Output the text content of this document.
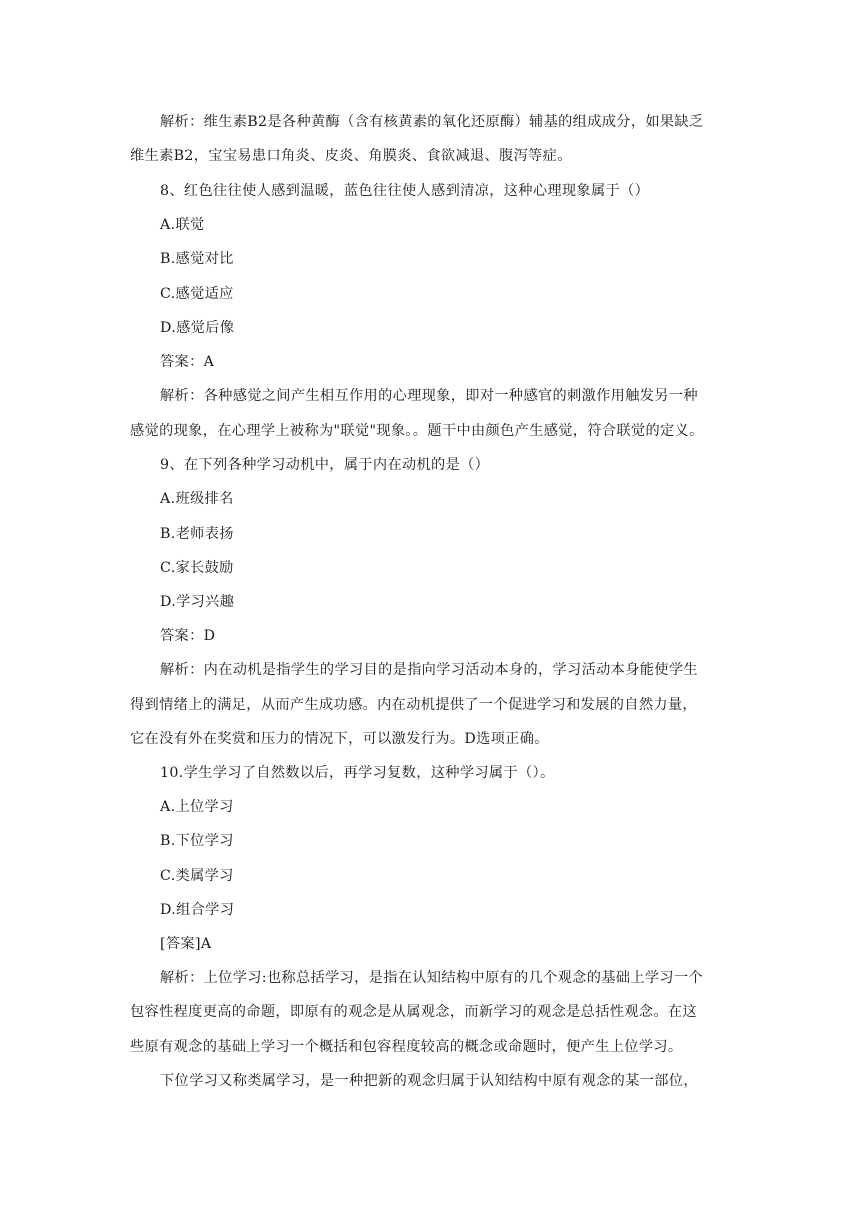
解析：维生素B2是各种黄酶（含有核黄素的氧化还原酶）辅基的组成成分，如果缺乏
维生素B2，宝宝易患口角炎、皮炎、角膜炎、食欲减退、腹泻等症。
8、红色往往使人感到温暖，蓝色往往使人感到清凉，这种心理现象属于（）
A.联觉
B.感觉对比
C.感觉适应
D.感觉后像
答案：A
解析：各种感觉之间产生相互作用的心理现象，即对一种感官的刺激作用触发另一种
感觉的现象，在心理学上被称为"联觉"现象。。题干中由颜色产生感觉，符合联觉的定义。
9、在下列各种学习动机中，属于内在动机的是（）
A.班级排名
B.老师表扬
C.家长鼓励
D.学习兴趣
答案：D
解析：内在动机是指学生的学习目的是指向学习活动本身的，学习活动本身能使学生
得到情绪上的满足，从而产生成功感。内在动机提供了一个促进学习和发展的自然力量，
它在没有外在奖赏和压力的情况下，可以激发行为。D选项正确。
10.学生学习了自然数以后，再学习复数，这种学习属于（）。
A.上位学习
B.下位学习
C.类属学习
D.组合学习
[答案]A
解析：上位学习:也称总括学习，是指在认知结构中原有的几个观念的基础上学习一个
包容性程度更高的命题，即原有的观念是从属观念，而新学习的观念是总括性观念。在这
些原有观念的基础上学习一个概括和包容程度较高的概念或命题时，便产生上位学习。
下位学习又称类属学习，是一种把新的观念归属于认知结构中原有观念的某一部位，
